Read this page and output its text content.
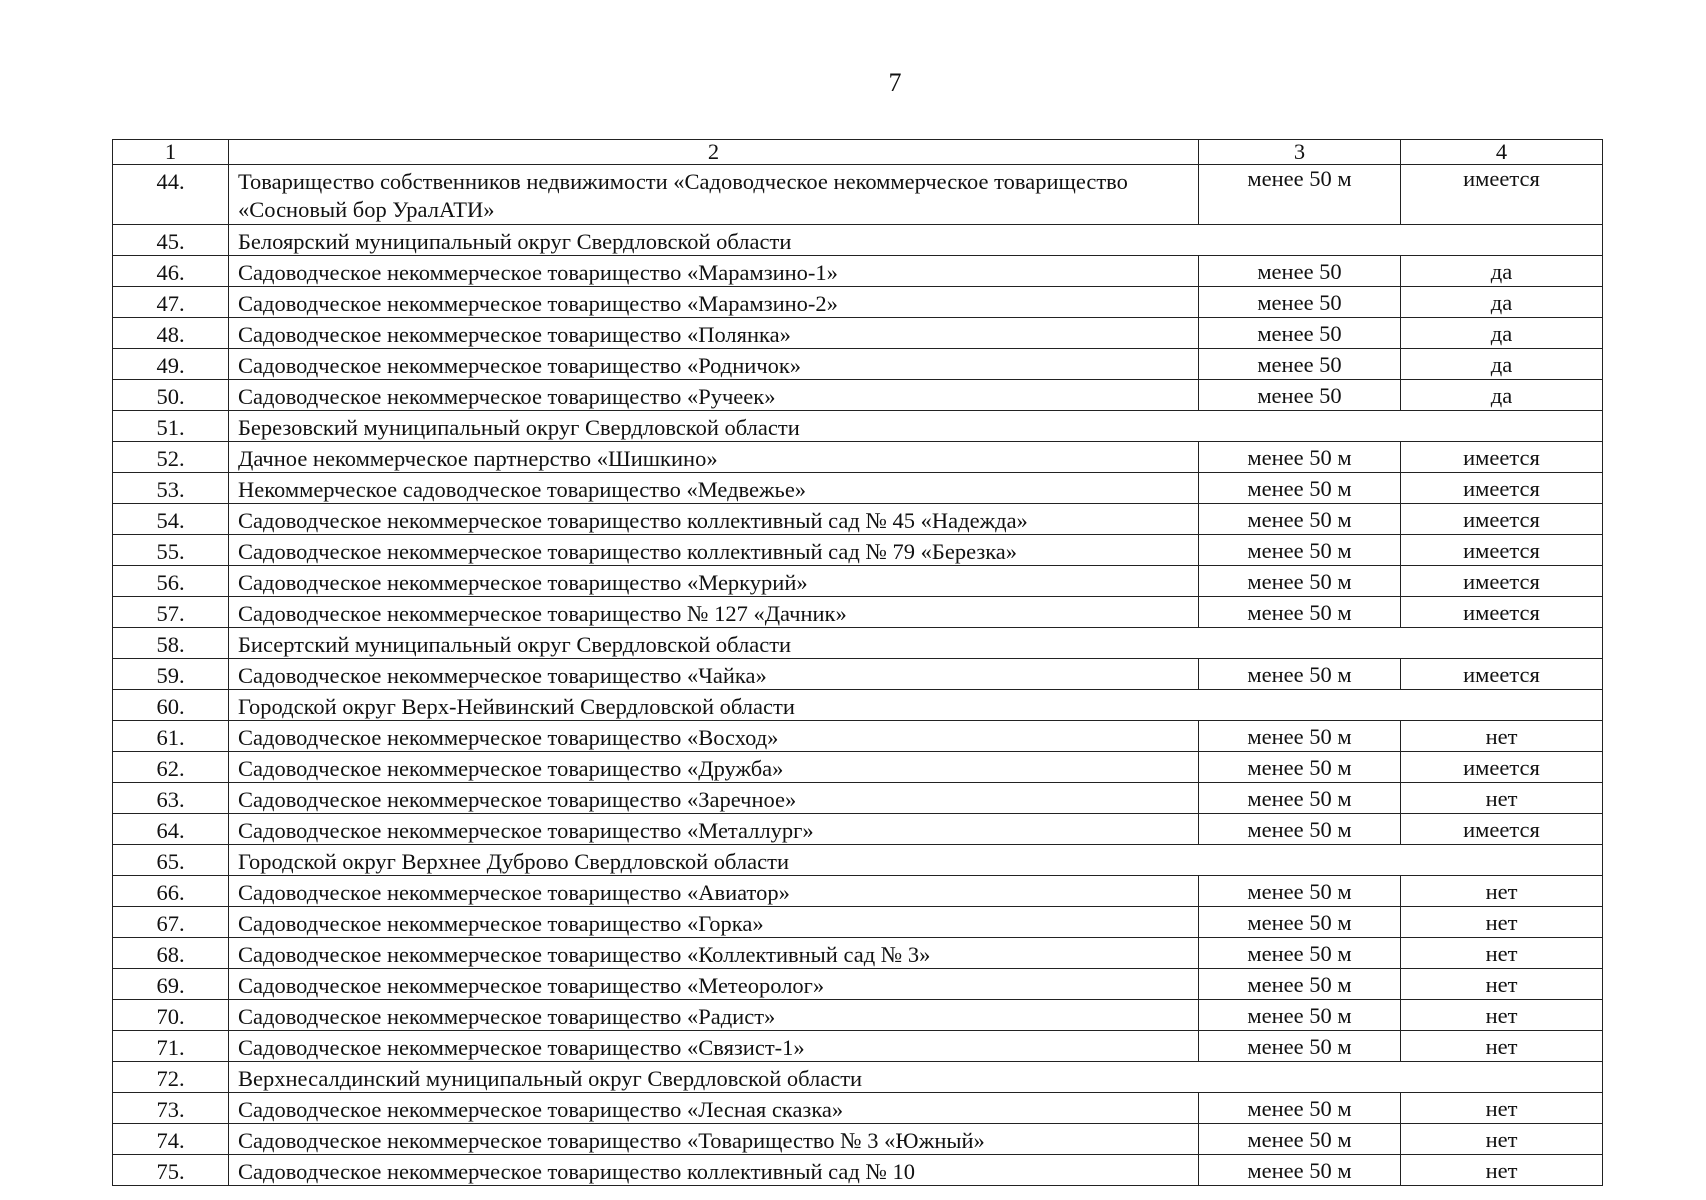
7
1	2	3	4
44.	Товарищество собственников недвижимости «Садоводческое некоммерческое товарищество «Сосновый бор УралАТИ»	менее 50 м	имеется
45.	Белоярский муниципальный округ Свердловской области		
46.	Садоводческое некоммерческое товарищество «Марамзино-1»	менее 50	да
47.	Садоводческое некоммерческое товарищество «Марамзино-2»	менее 50	да
48.	Садоводческое некоммерческое товарищество «Полянка»	менее 50	да
49.	Садоводческое некоммерческое товарищество «Родничок»	менее 50	да
50.	Садоводческое некоммерческое товарищество «Ручеек»	менее 50	да
51.	Березовский муниципальный округ Свердловской области		
52.	Дачное некоммерческое партнерство «Шишкино»	менее 50 м	имеется
53.	Некоммерческое садоводческое товарищество «Медвежье»	менее 50 м	имеется
54.	Садоводческое некоммерческое товарищество коллективный сад № 45 «Надежда»	менее 50 м	имеется
55.	Садоводческое некоммерческое товарищество коллективный сад № 79 «Березка»	менее 50 м	имеется
56.	Садоводческое некоммерческое товарищество «Меркурий»	менее 50 м	имеется
57.	Садоводческое некоммерческое товарищество № 127 «Дачник»	менее 50 м	имеется
58.	Бисертский муниципальный округ Свердловской области		
59.	Садоводческое некоммерческое товарищество «Чайка»	менее 50 м	имеется
60.	Городской округ Верх-Нейвинский Свердловской области		
61.	Садоводческое некоммерческое товарищество «Восход»	менее 50 м	нет
62.	Садоводческое некоммерческое товарищество «Дружба»	менее 50 м	имеется
63.	Садоводческое некоммерческое товарищество «Заречное»	менее 50 м	нет
64.	Садоводческое некоммерческое товарищество «Металлург»	менее 50 м	имеется
65.	Городской округ Верхнее Дуброво Свердловской области		
66.	Садоводческое некоммерческое товарищество «Авиатор»	менее 50 м	нет
67.	Садоводческое некоммерческое товарищество «Горка»	менее 50 м	нет
68.	Садоводческое некоммерческое товарищество «Коллективный сад № 3»	менее 50 м	нет
69.	Садоводческое некоммерческое товарищество «Метеоролог»	менее 50 м	нет
70.	Садоводческое некоммерческое товарищество «Радист»	менее 50 м	нет
71.	Садоводческое некоммерческое товарищество «Связист-1»	менее 50 м	нет
72.	Верхнесалдинский муниципальный округ Свердловской области		
73.	Садоводческое некоммерческое товарищество «Лесная сказка»	менее 50 м	нет
74.	Садоводческое некоммерческое товарищество «Товарищество № 3 «Южный»	менее 50 м	нет
75.	Садоводческое некоммерческое товарищество коллективный сад № 10	менее 50 м	нет
